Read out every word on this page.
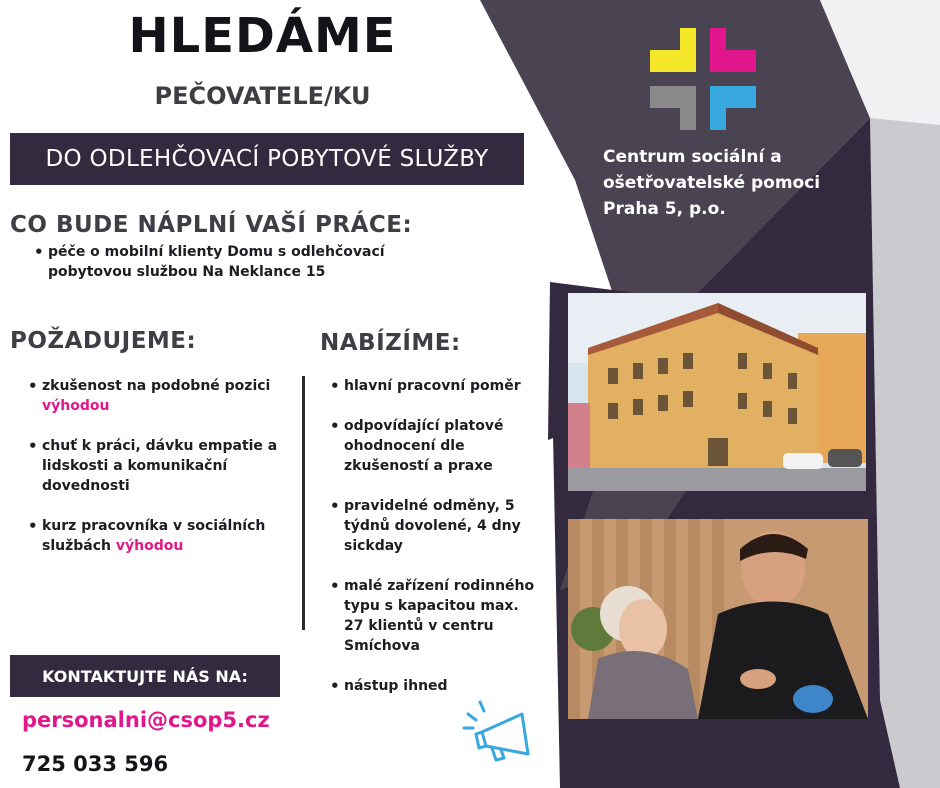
Centrum sociální a
ošetřovatelské pomoci
Praha 5, p.o.
HLEDÁME
PEČOVATELE/KU
DO ODLEHČOVACÍ POBYTOVÉ SLUŽBY
CO BUDE NÁPLNÍ VAŠÍ PRÁCE:
• péče o mobilní klienty Domu s odlehčovací pobytovou službou Na Neklance 15
POŽADUJEME:
• zkušenost na podobné pozici
výhodou
• chuť k práci, dávku empatie a lidskosti a komunikační dovednosti
• kurz pracovníka v sociálních službách výhodou
NABÍZÍME:
• hlavní pracovní poměr
• odpovídající platové ohodnocení dle zkušeností a praxe
• pravidelné odměny, 5 týdnů dovolené, 4 dny sickday
• malé zařízení rodinného typu s kapacitou max. 27 klientů v centru Smíchova
• nástup ihned
KONTAKTUJTE NÁS NA:
personalni@csop5.cz
725 033 596
